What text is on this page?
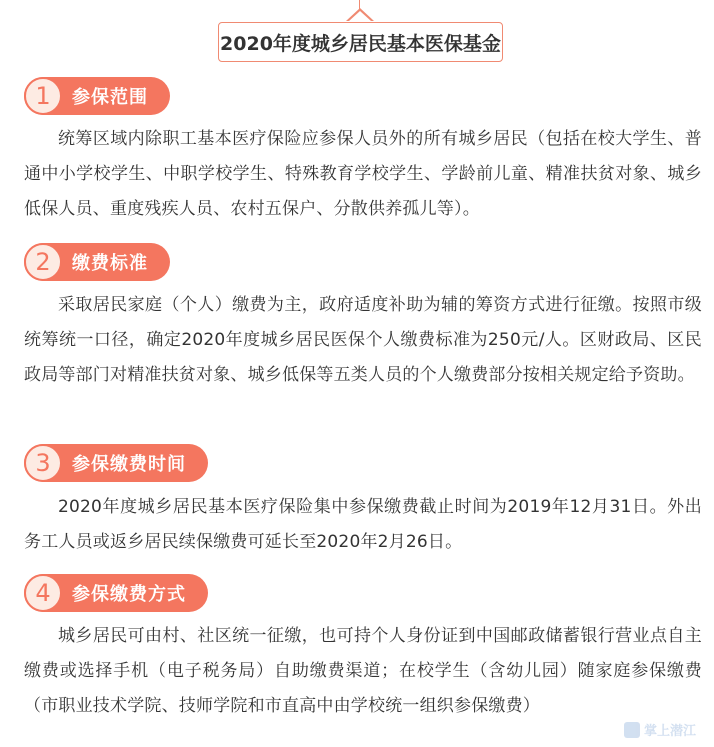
2020年度城乡居民基本医保基金
1	参保范围
统筹区域内除职工基本医疗保险应参保人员外的所有城乡居民（包括在校大学生、普通中小学校学生、中职学校学生、特殊教育学校学生、学龄前儿童、精准扶贫对象、城乡低保人员、重度残疾人员、农村五保户、分散供养孤儿等）。
2	缴费标准
采取居民家庭（个人）缴费为主，政府适度补助为辅的筹资方式进行征缴。按照市级统筹统一口径，确定2020年度城乡居民医保个人缴费标准为250元/人。区财政局、区民政局等部门对精准扶贫对象、城乡低保等五类人员的个人缴费部分按相关规定给予资助。
3	参保缴费时间
2020年度城乡居民基本医疗保险集中参保缴费截止时间为2019年12月31日。外出务工人员或返乡居民续保缴费可延长至2020年2月26日。
4	参保缴费方式
城乡居民可由村、社区统一征缴，也可持个人身份证到中国邮政储蓄银行营业点自主缴费或选择手机（电子税务局）自助缴费渠道；在校学生（含幼儿园）随家庭参保缴费（市职业技术学院、技师学院和市直高中由学校统一组织参保缴费）
掌上潜江
